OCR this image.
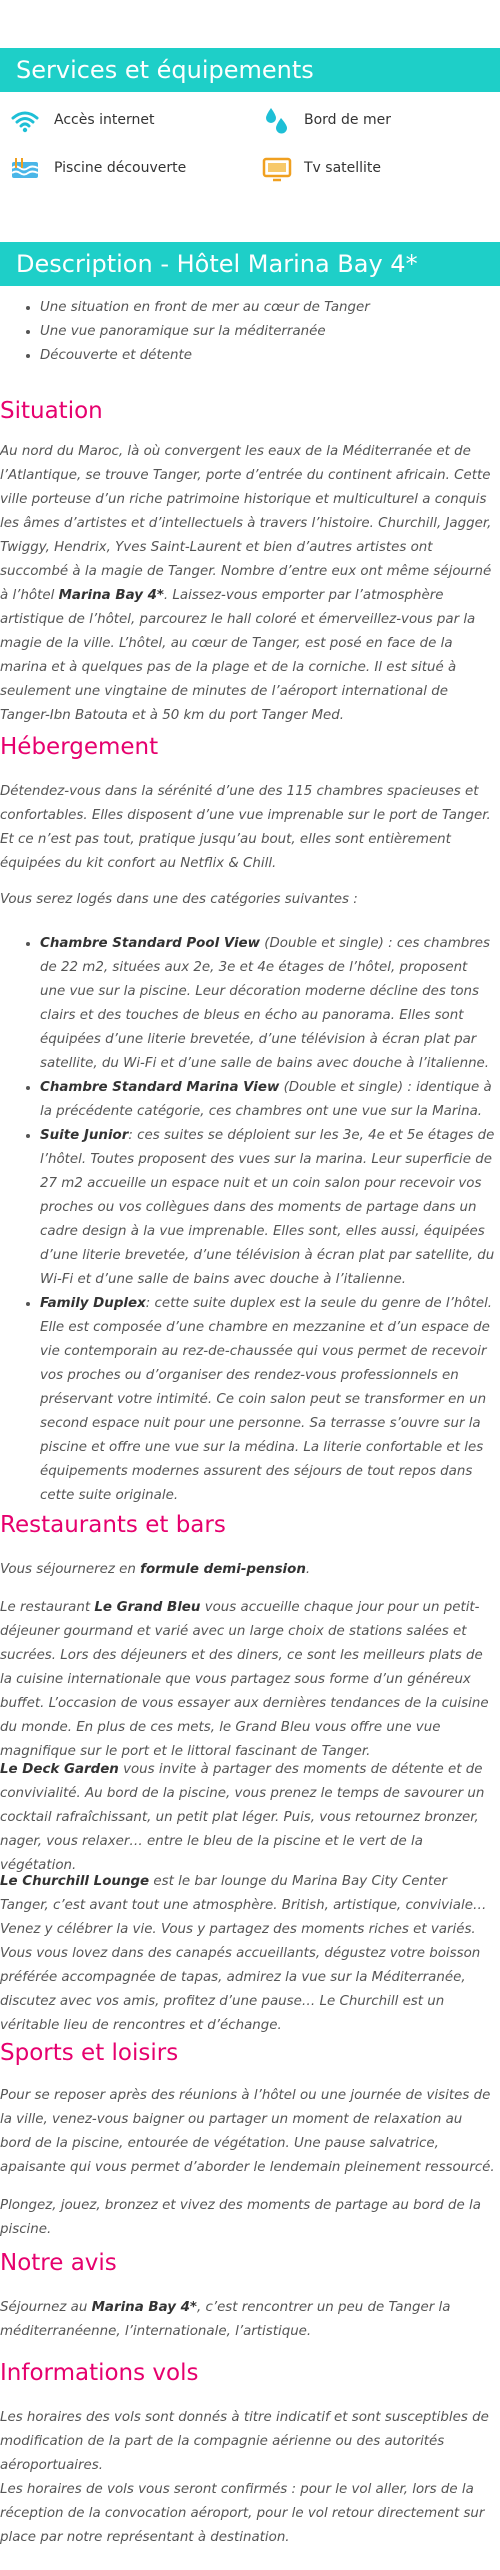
Services et équipements
Accès internet	Bord de mer
Piscine découverte	Tv satellite
Description - Hôtel Marina Bay 4*
• Une situation en front de mer au cœur de Tanger
• Une vue panoramique sur la méditerranée
• Découverte et détente
Situation

Au nord du Maroc, là où convergent les eaux de la Méditerranée et de l’Atlantique, se trouve Tanger, porte d’entrée du continent africain. Cette ville porteuse d’un riche patrimoine historique et multiculturel a conquis les âmes d’artistes et d’intellectuels à travers l’histoire. Churchill, Jagger, Twiggy, Hendrix, Yves Saint-Laurent et bien d’autres artistes ont succombé à la magie de Tanger. Nombre d’entre eux ont même séjourné à l’hôtel Marina Bay 4*. Laissez-vous emporter par l’atmosphère artistique de l’hôtel, parcourez le hall coloré et émerveillez-vous par la magie de la ville. L’hôtel, au cœur de Tanger, est posé en face de la marina et à quelques pas de la plage et de la corniche. Il est situé à seulement une vingtaine de minutes de l’aéroport international de Tanger-Ibn Batouta et à 50 km du port Tanger Med.

Hébergement

Détendez-vous dans la sérénité d’une des 115 chambres spacieuses et confortables. Elles disposent d’une vue imprenable sur le port de Tanger. Et ce n’est pas tout, pratique jusqu’au bout, elles sont entièrement équipées du kit confort au Netflix & Chill.

Vous serez logés dans une des catégories suivantes :

• Chambre Standard Pool View (Double et single) : ces chambres de 22 m2, situées aux 2e, 3e et 4e étages de l’hôtel, proposent une vue sur la piscine. Leur décoration moderne décline des tons clairs et des touches de bleus en écho au panorama. Elles sont équipées d’une literie brevetée, d’une télévision à écran plat par satellite, du Wi-Fi et d’une salle de bains avec douche à l’italienne.
• Chambre Standard Marina View (Double et single) : identique à la précédente catégorie, ces chambres ont une vue sur la Marina.
• Suite Junior: ces suites se déploient sur les 3e, 4e et 5e étages de l’hôtel. Toutes proposent des vues sur la marina. Leur superficie de 27 m2 accueille un espace nuit et un coin salon pour recevoir vos proches ou vos collègues dans des moments de partage dans un cadre design à la vue imprenable. Elles sont, elles aussi, équipées d’une literie brevetée, d’une télévision à écran plat par satellite, du Wi-Fi et d’une salle de bains avec douche à l’italienne.
• Family Duplex: cette suite duplex est la seule du genre de l’hôtel. Elle est composée d’une chambre en mezzanine et d’un espace de vie contemporain au rez-de-chaussée qui vous permet de recevoir vos proches ou d’organiser des rendez-vous professionnels en préservant votre intimité. Ce coin salon peut se transformer en un second espace nuit pour une personne. Sa terrasse s’ouvre sur la piscine et offre une vue sur la médina. La literie confortable et les équipements modernes assurent des séjours de tout repos dans cette suite originale.
Restaurants et bars

Vous séjournerez en formule demi-pension.

Le restaurant Le Grand Bleu vous accueille chaque jour pour un petit-déjeuner gourmand et varié avec un large choix de stations salées et sucrées. Lors des déjeuners et des diners, ce sont les meilleurs plats de la cuisine internationale que vous partagez sous forme d’un généreux buffet. L’occasion de vous essayer aux dernières tendances de la cuisine du monde. En plus de ces mets, le Grand Bleu vous offre une vue magnifique sur le port et le littoral fascinant de Tanger.

Le Deck Garden vous invite à partager des moments de détente et de convivialité. Au bord de la piscine, vous prenez le temps de savourer un cocktail rafraîchissant, un petit plat léger. Puis, vous retournez bronzer, nager, vous relaxer… entre le bleu de la piscine et le vert de la végétation.

Le Churchill Lounge est le bar lounge du Marina Bay City Center Tanger, c’est avant tout une atmosphère. British, artistique, conviviale… Venez y célébrer la vie. Vous y partagez des moments riches et variés. Vous vous lovez dans des canapés accueillants, dégustez votre boisson préférée accompagnée de tapas, admirez la vue sur la Méditerranée, discutez avec vos amis, profitez d’une pause… Le Churchill est un véritable lieu de rencontres et d’échange.

Sports et loisirs

Pour se reposer après des réunions à l’hôtel ou une journée de visites de la ville, venez-vous baigner ou partager un moment de relaxation au bord de la piscine, entourée de végétation. Une pause salvatrice, apaisante qui vous permet d’aborder le lendemain pleinement ressourcé.

Plongez, jouez, bronzez et vivez des moments de partage au bord de la piscine.

Notre avis

Séjournez au Marina Bay 4*, c’est rencontrer un peu de Tanger la méditerranéenne, l’internationale, l’artistique.

Informations vols

Les horaires des vols sont donnés à titre indicatif et sont susceptibles de modification de la part de la compagnie aérienne ou des autorités aéroportuaires.

Les horaires de vols vous seront confirmés : pour le vol aller, lors de la réception de la convocation aéroport, pour le vol retour directement sur place par notre représentant à destination.
